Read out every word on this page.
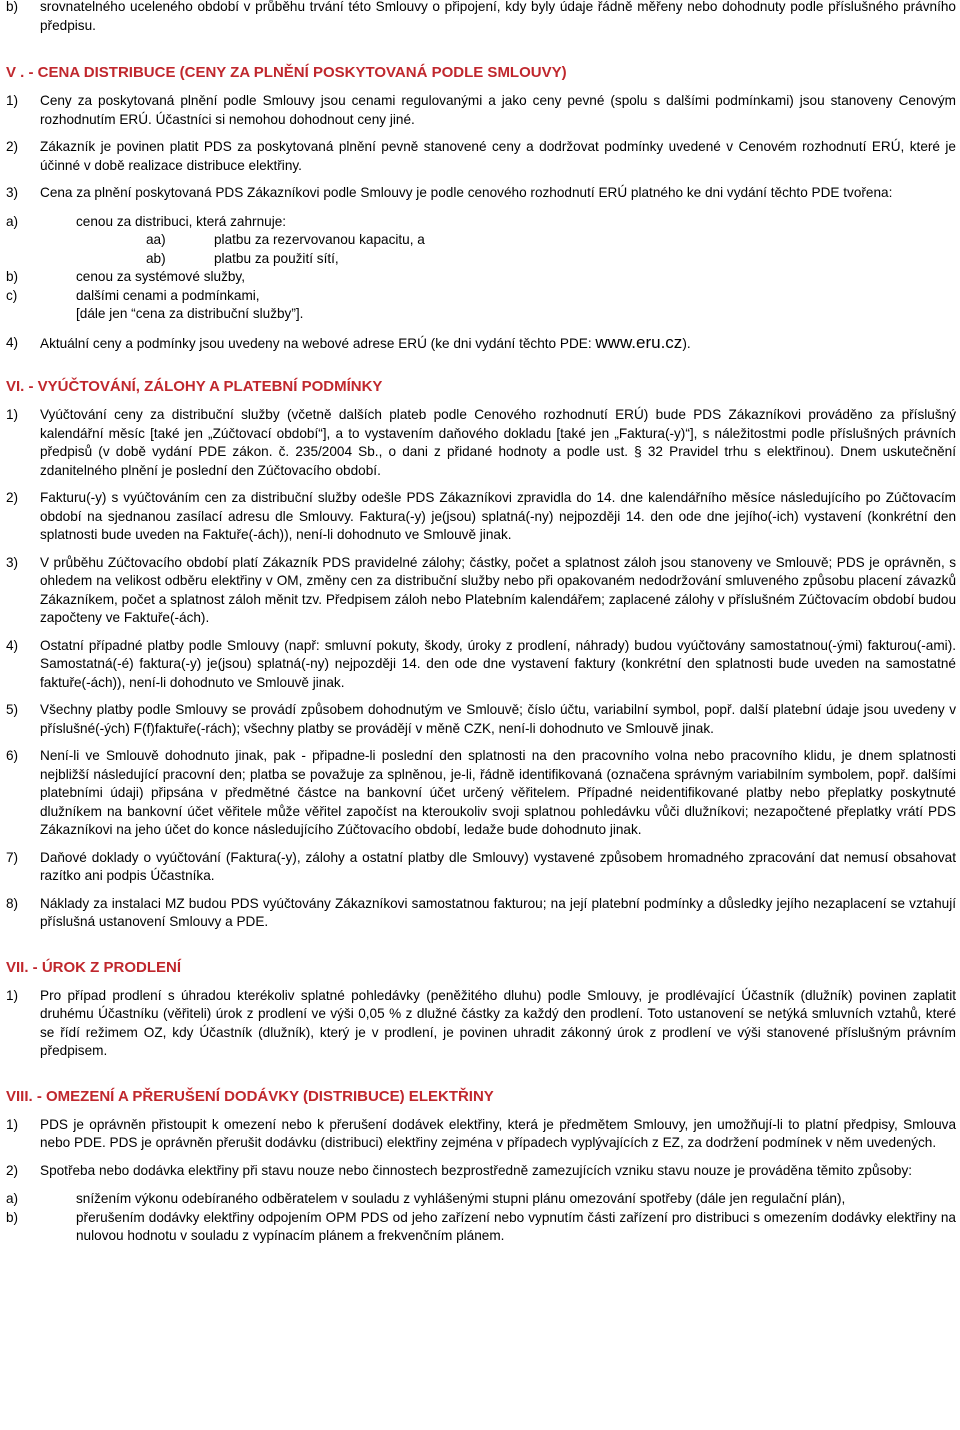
b)	srovnatelného uceleného období v průběhu trvání této Smlouvy o připojení, kdy byly údaje řádně měřeny nebo dohodnuty podle příslušného právního předpisu.
V . - CENA DISTRIBUCE (CENY ZA PLNĚNÍ POSKYTOVANÁ PODLE SMLOUVY)
1)	Ceny za poskytovaná plnění podle Smlouvy jsou cenami regulovanými a jako ceny pevné (spolu s dalšími podmínkami) jsou stanoveny Cenovým rozhodnutím ERÚ. Účastníci si nemohou dohodnout ceny jiné.
2)	Zákazník je povinen platit PDS za poskytovaná plnění pevně stanovené ceny a dodržovat podmínky uvedené v Cenovém rozhodnutí ERÚ, které je účinné v době realizace distribuce elektřiny.
3)	Cena za plnění poskytovaná PDS Zákazníkovi podle Smlouvy je podle cenového rozhodnutí ERÚ platného ke dni vydání těchto PDE tvořena:
a)	cenou za distribuci, která zahrnuje:
aa)	platbu za rezervovanou kapacitu, a
ab)	platbu za použití sítí,
b)	cenou za systémové služby,
c)	dalšími cenami a podmínkami,
[dále jen “cena za distribuční služby”].
4)	Aktuální ceny a podmínky jsou uvedeny na webové adrese ERÚ (ke dni vydání těchto PDE: www.eru.cz).
VI. - VYÚČTOVÁNÍ, ZÁLOHY A PLATEBNÍ PODMÍNKY
1)	Vyúčtování ceny za distribuční služby (včetně dalších plateb podle Cenového rozhodnutí ERÚ) bude PDS Zákazníkovi prováděno za příslušný kalendářní měsíc [také jen „Zúčtovací období“], a to vystavením daňového dokladu [také jen „Faktura(-y)“], s náležitostmi podle příslušných právních předpisů (v době vydání PDE zákon. č. 235/2004 Sb., o dani z přidané hodnoty a podle ust. § 32 Pravidel trhu s elektřinou). Dnem uskutečnění zdanitelného plnění je poslední den Zúčtovacího období.
2)	Fakturu(-y) s vyúčtováním cen za distribuční služby odešle PDS Zákazníkovi zpravidla do 14. dne kalendářního měsíce následujícího po Zúčtovacím období na sjednanou zasílací adresu dle Smlouvy. Faktura(-y) je(jsou) splatná(-ny) nejpozději 14. den ode dne jejího(-ich) vystavení (konkrétní den splatnosti bude uveden na Faktuře(-ách)), není-li dohodnuto ve Smlouvě jinak.
3)	V průběhu Zúčtovacího období platí Zákazník PDS pravidelné zálohy; částky, počet a splatnost záloh jsou stanoveny ve Smlouvě; PDS je oprávněn, s ohledem na velikost odběru elektřiny v OM, změny cen za distribuční služby nebo při opakovaném nedodržování smluveného způsobu placení závazků Zákazníkem, počet a splatnost záloh měnit tzv. Předpisem záloh nebo Platebním kalendářem; zaplacené zálohy v příslušném Zúčtovacím období budou započteny ve Faktuře(-ách).
4)	Ostatní případné platby podle Smlouvy (např: smluvní pokuty, škody, úroky z prodlení, náhrady) budou vyúčtovány samostatnou(-ými) fakturou(-ami). Samostatná(-é) faktura(-y) je(jsou) splatná(-ny) nejpozději 14. den ode dne vystavení faktury (konkrétní den splatnosti bude uveden na samostatné faktuře(-ách)), není-li dohodnuto ve Smlouvě jinak.
5)	Všechny platby podle Smlouvy se provádí způsobem dohodnutým ve Smlouvě; číslo účtu, variabilní symbol, popř. další platební údaje jsou uvedeny v příslušné(-ých) F(f)faktuře(-rách); všechny platby se provádějí v měně CZK, není-li dohodnuto ve Smlouvě jinak.
6)	Není-li ve Smlouvě dohodnuto jinak, pak - připadne-li poslední den splatnosti na den pracovního volna nebo pracovního klidu, je dnem splatnosti nejbližší následující pracovní den; platba se považuje za splněnou, je-li, řádně identifikovaná (označena správným variabilním symbolem, popř. dalšími platebními údaji) připsána v předmětné částce na bankovní účet určený věřitelem. Případné neidentifikované platby nebo přeplatky poskytnuté dlužníkem na bankovní účet věřitele může věřitel započíst na kteroukoliv svoji splatnou pohledávku vůči dlužníkovi; nezapočtené přeplatky vrátí PDS Zákazníkovi na jeho účet do konce následujícího Zúčtovacího období, ledaže bude dohodnuto jinak.
7)	Daňové doklady o vyúčtování (Faktura(-y), zálohy a ostatní platby dle Smlouvy) vystavené způsobem hromadného zpracování dat nemusí obsahovat razítko ani podpis Účastníka.
8)	Náklady za instalaci MZ budou PDS vyúčtovány Zákazníkovi samostatnou fakturou; na její platební podmínky a důsledky jejího nezaplacení se vztahují příslušná ustanovení Smlouvy a PDE.
VII. - ÚROK Z PRODLENÍ
1)	Pro případ prodlení s úhradou kterékoliv splatné pohledávky (peněžitého dluhu) podle Smlouvy, je prodlévající Účastník (dlužník) povinen zaplatit druhému Účastníku (věřiteli) úrok z prodlení ve výši 0,05 % z dlužné částky za každý den prodlení. Toto ustanovení se netýká smluvních vztahů, které se řídí režimem OZ, kdy Účastník (dlužník), který je v prodlení, je povinen uhradit zákonný úrok z prodlení ve výši stanovené příslušným právním předpisem.
VIII. - OMEZENÍ A PŘERUŠENÍ DODÁVKY (DISTRIBUCE) ELEKTŘINY
1)	PDS je oprávněn přistoupit k omezení nebo k přerušení dodávek elektřiny, která je předmětem Smlouvy, jen umožňují-li to platní předpisy, Smlouva nebo PDE. PDS je oprávněn přerušit dodávku (distribuci) elektřiny zejména v případech vyplývajících z EZ, za dodržení podmínek v něm uvedených.
2)	Spotřeba nebo dodávka elektřiny při stavu nouze nebo činnostech bezprostředně zamezujících vzniku stavu nouze je prováděna těmito způsoby:
a)	snížením výkonu odebíraného odběratelem v souladu z vyhlášenými stupni plánu omezování spotřeby (dále jen regulační plán),
b)	přerušením dodávky elektřiny odpojením OPM PDS od jeho zařízení nebo vypnutím části zařízení pro distribuci s omezením dodávky elektřiny na nulovou hodnotu v souladu z vypínacím plánem a frekvenčním plánem.
